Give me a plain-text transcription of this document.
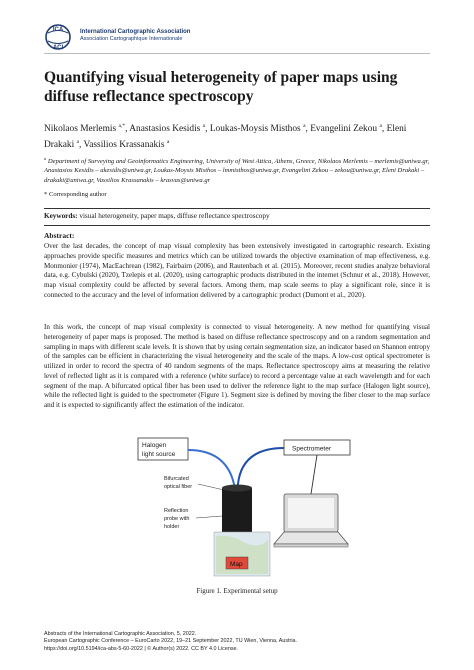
ICA
ACI
International Cartographic Association
Association Cartographique Internationale
Quantifying visual heterogeneity of paper maps using diffuse reflectance spectroscopy
Nikolaos Merlemis $^{a,*}$, Anastasios Kesidis $^a$, Loukas-Moysis Misthos $^a$, Evangelini Zekou $^a$, Eleni
Drakaki $^a$, Vassilios Krassanakis $^a$
$^a$ Department of Surveying and Geoinformatics Engineering, University of West Attica, Athens, Greece, Nikolaos Merlemis – merlemis@uniwa.gr, Anastasios Kesidis – akesidis@uniwa.gr, Loukas-Moysis Misthos – lmmisthos@uniwa.gr, Evangelini Zekou – zekou@uniwa.gr, Eleni Drakaki – drakaki@uniwa.gr, Vassilios Krassanakis – krasvas@uniwa.gr
* Corresponding author
Keywords: visual heterogeneity, paper maps, diffuse reflectance spectroscopy
Abstract:
Over the last decades, the concept of map visual complexity has been extensively investigated in cartographic research. Existing approaches provide specific measures and metrics which can be utilized towards the objective examination of map effectiveness, e.g. Monmonier (1974), MacEachrean (1982), Fairbairn (2006), and Rautenbach et al. (2015). Moreover, recent studies analyze behavioral data, e.g. Cybulski (2020), Tzelepis et al. (2020), using cartographic products distributed in the internet (Schnur et al., 2018). However, map visual complexity could be affected by several factors. Among them, map scale seems to play a significant role, since it is connected to the accuracy and the level of information delivered by a cartographic product (Dumont et al., 2020).
In this work, the concept of map visual complexity is connected to visual heterogeneity. A new method for quantifying visual heterogeneity of paper maps is proposed. The method is based on diffuse reflectance spectroscopy and on a random segmentation and sampling in maps with different scale levels. It is shown that by using certain segmentation size, an indicator based on Shannon entropy of the samples can be efficient in characterizing the visual heterogeneity and the scale of the maps. A low-cost optical spectrometer is utilized in order to record the spectra of 40 random segments of the maps. Reflectance spectroscopy aims at measuring the relative level of reflected light as it is compared with a reference (white surface) to record a percentage value at each wavelength and for each segment of the map. A bifurcated optical fiber has been used to deliver the reference light to the map surface (Halogen light source), while the reflected light is guided to the spectrometer (Figure 1). Segment size is defined by moving the fiber closer to the map surface and it is expected to significantly affect the estimation of the indicator.
Halogen
light source
Spectrometer
Bifurcated
optical fiber
Reflection
probe with
holder
Map
Figure 1. Experimental setup
Abstracts of the International Cartographic Association, 5, 2022.
European Cartographic Conference – EuroCarto 2022, 19–21 September 2022, TU Wien, Vienna, Austria.
https://doi.org/10.5194/ica-abs-5-60-2022 | © Author(s) 2022. CC BY 4.0 License.
